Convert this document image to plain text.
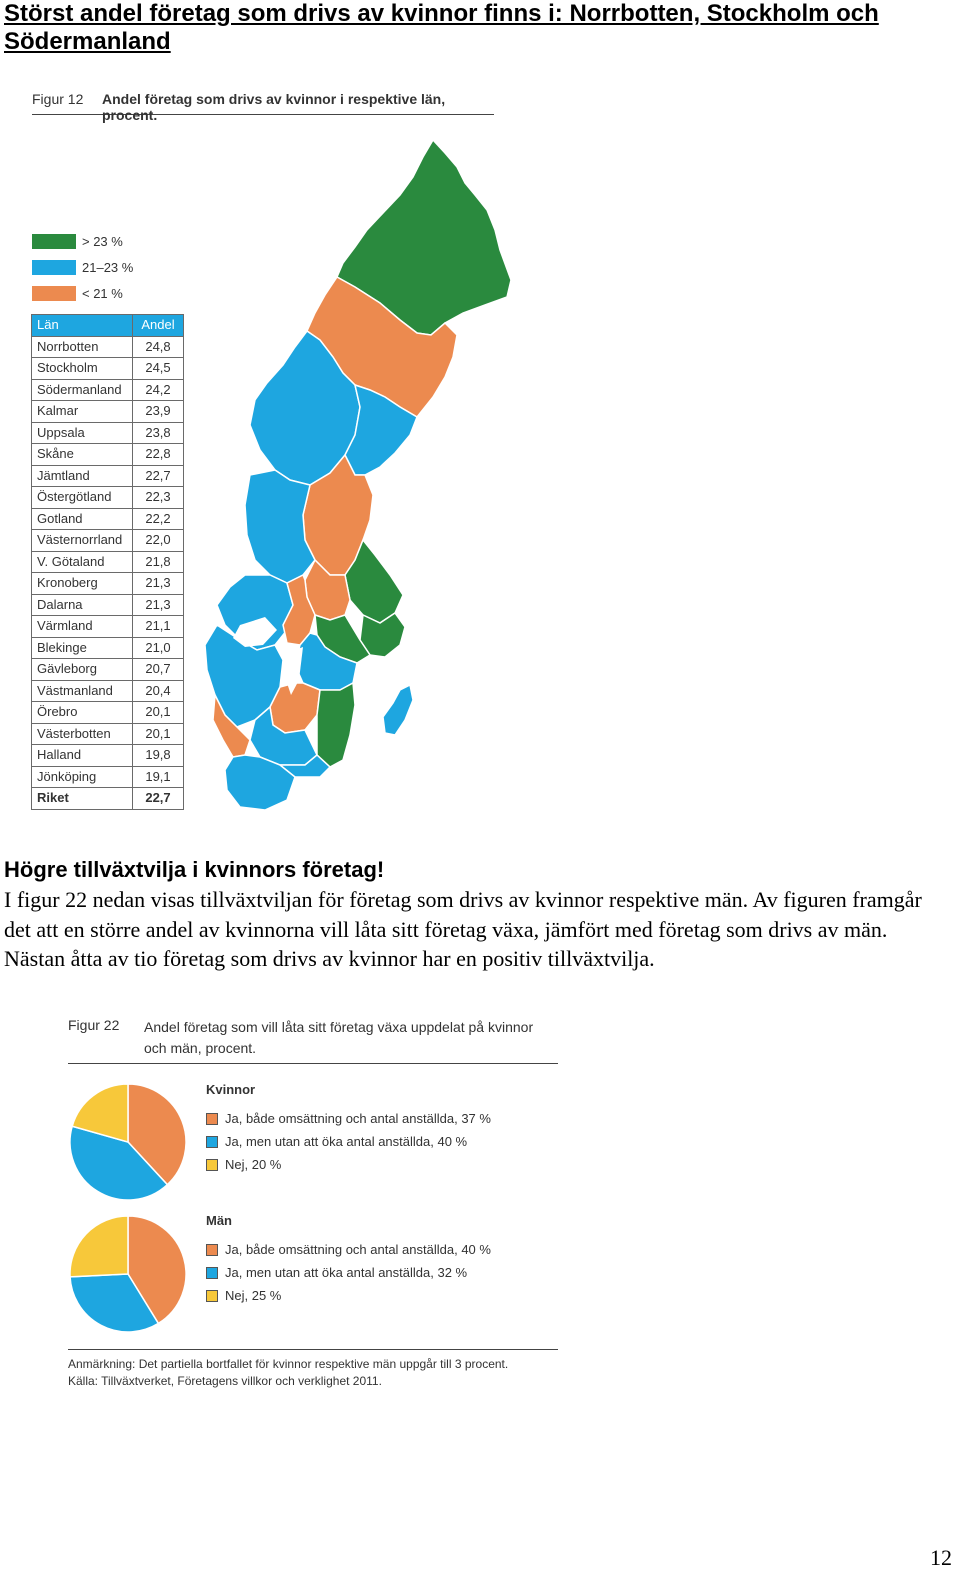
Störst andel företag som drivs av kvinnor finns i: Norrbotten, Stockholm och Södermanland
Figur 12 Andel företag som drivs av kvinnor i respektive län, procent.
> 23 %
21–23 %
< 21 %
Län	Andel
Norrbotten	24,8
Stockholm	24,5
Södermanland	24,2
Kalmar	23,9
Uppsala	23,8
Skåne	22,8
Jämtland	22,7
Östergötland	22,3
Gotland	22,2
Västernorrland	22,0
V. Götaland	21,8
Kronoberg	21,3
Dalarna	21,3
Värmland	21,1
Blekinge	21,0
Gävleborg	20,7
Västmanland	20,4
Örebro	20,1
Västerbotten	20,1
Halland	19,8
Jönköping	19,1
Riket	22,7
Högre tillväxtvilja i kvinnors företag!
I figur 22 nedan visas tillväxtviljan för företag som drivs av kvinnor respektive män. Av figuren framgår det att en större andel av kvinnorna vill låta sitt företag växa, jämfört med företag som drivs av män. Nästan åtta av tio företag som drivs av kvinnor har en positiv tillväxtvilja.
Figur 22 Andel företag som vill låta sitt företag växa uppdelat på kvinnor och män, procent.
Kvinnor
Ja, både omsättning och antal anställda, 37 %
Ja, men utan att öka antal anställda, 40 %
Nej, 20 %
Män
Ja, både omsättning och antal anställda, 40 %
Ja, men utan att öka antal anställda, 32 %
Nej, 25 %
Anmärkning: Det partiella bortfallet för kvinnor respektive män uppgår till 3 procent.
Källa: Tillväxtverket, Företagens villkor och verklighet 2011.
12
